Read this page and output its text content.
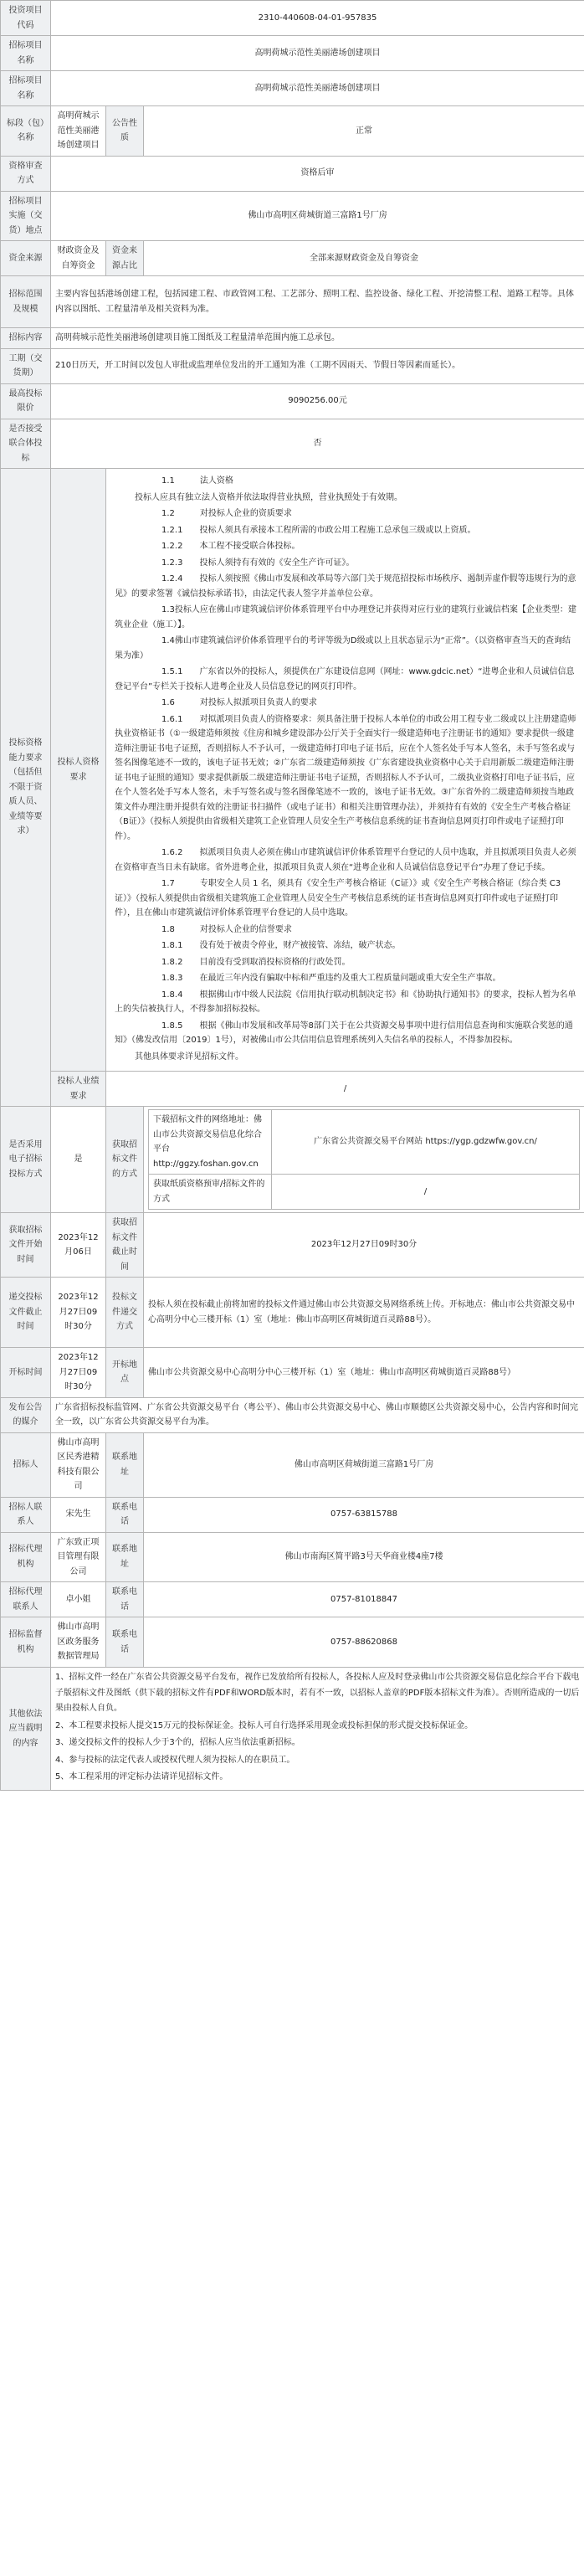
投资项目代码	2310-440608-04-01-957835
招标项目名称	高明荷城示范性美丽港场创建项目
招标项目名称	高明荷城示范性美丽港场创建项目
标段（包）名称	高明荷城示范性美丽港场创建项目	公告性质	正常
资格审查方式	资格后审
招标项目实施（交货）地点	佛山市高明区荷城街道三富路1号厂房
资金来源	财政资金及自筹资金	资金来源占比	全部来源财政资金及自筹资金
招标范围及规模	主要内容包括港场创建工程，包括园建工程、市政管网工程、工艺部分、照明工程、监控设备、绿化工程、开挖清整工程、道路工程等。具体内容以图纸、工程量清单及相关资料为准。
招标内容	高明荷城示范性美丽港场创建项目施工图纸及工程量清单范围内施工总承包。
工期（交货期）	210日历天，开工时间以发包人审批或监理单位发出的开工通知为准（工期不因雨天、节假日等因素而延长）。
最高投标限价	9090256.00元
是否接受联合体投标	否
投标资格能力要求（包括但不限于资质人员、业绩等要求）	投标人资格要求	

1.1　　　法人资格

投标人应具有独立法人资格并依法取得营业执照，营业执照处于有效期。

1.2　　　对投标人企业的资质要求

1.2.1　　投标人须具有承接本工程所需的市政公用工程施工总承包三级或以上资质。

1.2.2　　本工程不接受联合体投标。

1.2.3　　投标人须持有有效的《安全生产许可证》。

1.2.4　　投标人须按照《佛山市发展和改革局等六部门关于规范招投标市场秩序、遏制弄虚作假等违规行为的意见》的要求签署《诚信投标承诺书》，由法定代表人签字并盖单位公章。

1.3投标人应在佛山市建筑诚信评价体系管理平台中办理登记并获得对应行业的建筑行业诚信档案【企业类型：建筑业企业（施工）】。

1.4佛山市建筑诚信评价体系管理平台的考评等级为D级或以上且状态显示为“正常”。（以资格审查当天的查询结果为准）

1.5.1　　广东省以外的投标人，须提供在广东建设信息网（网址：www.gdcic.net）“进粤企业和人员诚信信息登记平台”专栏关于投标人进粤企业及人员信息登记的网页打印件。

1.6　　　对投标人拟派项目负责人的要求

1.6.1　　对拟派项目负责人的资格要求：须具备注册于投标人本单位的市政公用工程专业二级或以上注册建造师执业资格证书（①一级建造师须按《住房和城乡建设部办公厅关于全面实行一级建造师电子注册证书的通知》要求提供一级建造师注册证书电子证照，否则招标人不予认可，一级建造师打印电子证书后，应在个人签名处手写本人签名，未手写签名或与签名图像笔迹不一致的，该电子证书无效；②广东省二级建造师须按《广东省建设执业资格中心关于启用新版二级建造师注册证书电子证照的通知》要求提供新版二级建造师注册证书电子证照，否则招标人不予认可，二级执业资格打印电子证书后，应在个人签名处手写本人签名，未手写签名或与签名图像笔迹不一致的，该电子证书无效。③广东省外的二级建造师须按当地政策文件办理注册并提供有效的注册证书扫描件（或电子证书）和相关注册管理办法），并须持有有效的《安全生产考核合格证（B证）》（投标人须提供由省级相关建筑工企业管理人员安全生产考核信息系统的证书查询信息网页打印件或电子证照打印件）。

1.6.2　　拟派项目负责人必须在佛山市建筑诚信评价体系管理平台登记的人员中选取，并且拟派项目负责人必须在资格审查当日未有缺席。省外进粤企业，拟派项目负责人须在“进粤企业和人员诚信信息登记平台”办理了登记手续。

1.7　　　专职安全人员 1 名，须具有《安全生产考核合格证（C证）》或《安全生产考核合格证（综合类 C3 证）》（投标人须提供由省级相关建筑施工企业管理人员安全生产考核信息系统的证书查询信息网页打印件或电子证照打印件），且在佛山市建筑诚信评价体系管理平台登记的人员中选取。

1.8　　　对投标人企业的信誉要求

1.8.1　　没有处于被责令停业，财产被接管、冻结，破产状态。

1.8.2　　目前没有受到取消投标资格的行政处罚。

1.8.3　　在最近三年内没有骗取中标和严重违约及重大工程质量问题或重大安全生产事故。

1.8.4　　根据佛山市中级人民法院《信用执行联动机制决定书》和《协助执行通知书》的要求，投标人暂为名单上的失信被执行人，不得参加招标投标。

1.8.5　　根据《佛山市发展和改革局等8部门关于在公共资源交易事项中进行信用信息查询和实施联合奖惩的通知》（佛发改信用〔2019〕1号），对被佛山市公共信用信息管理系统列入失信名单的投标人，不得参加投标。

其他具体要求详见招标文件。

投标人业绩要求	/
是否采用电子招标投标方式	是	获取招标文件的方式	
下载招标文件的网络地址：佛山市公共资源交易信息化综合平台http://ggzy.foshan.gov.cn	广东省公共资源交易平台网站 https://ygp.gdzwfw.gov.cn/
获取纸质资格预审/招标文件的方式	/

获取招标文件开始时间	2023年12月06日	获取招标文件截止时间	2023年12月27日09时30分
递交投标文件截止时间	2023年12月27日09时30分	投标文件递交方式	投标人须在投标截止前将加密的投标文件通过佛山市公共资源交易网络系统上传。开标地点：佛山市公共资源交易中心高明分中心三楼开标（1）室（地址：佛山市高明区荷城街道百灵路88号）。
开标时间	2023年12月27日09时30分	开标地点	佛山市公共资源交易中心高明分中心三楼开标（1）室（地址：佛山市高明区荷城街道百灵路88号）
发布公告的媒介	广东省招标投标监管网、广东省公共资源交易平台（粤公平）、佛山市公共资源交易中心、佛山市顺德区公共资源交易中心，公告内容和时间完全一致，以广东省公共资源交易平台为准。
招标人	佛山市高明区民秀港精科技有限公司	联系地址	佛山市高明区荷城街道三富路1号厂房
招标人联系人	宋先生	联系电话	0757-63815788
招标代理机构	广东致正项目管理有限公司	联系地址	佛山市南海区简平路3号天华商业楼4座7楼
招标代理联系人	卓小姐	联系电话	0757-81018847
招标监督机构	佛山市高明区政务服务数据管理局	联系电话	0757-88620868
其他依法应当载明的内容	

1、招标文件一经在广东省公共资源交易平台发布，视作已发放给所有投标人，各投标人应及时登录佛山市公共资源交易信息化综合平台下载电子版招标文件及图纸（供下载的招标文件有PDF和WORD版本时，若有不一致，以招标人盖章的PDF版本招标文件为准）。否则所造成的一切后果由投标人自负。

2、本工程要求投标人提交15万元的投标保证金。投标人可自行选择采用现金或投标担保的形式提交投标保证金。

3、递交投标文件的投标人少于3个的，招标人应当依法重新招标。

4、参与投标的法定代表人或授权代理人须为投标人的在职员工。

5、本工程采用的评定标办法请详见招标文件。
